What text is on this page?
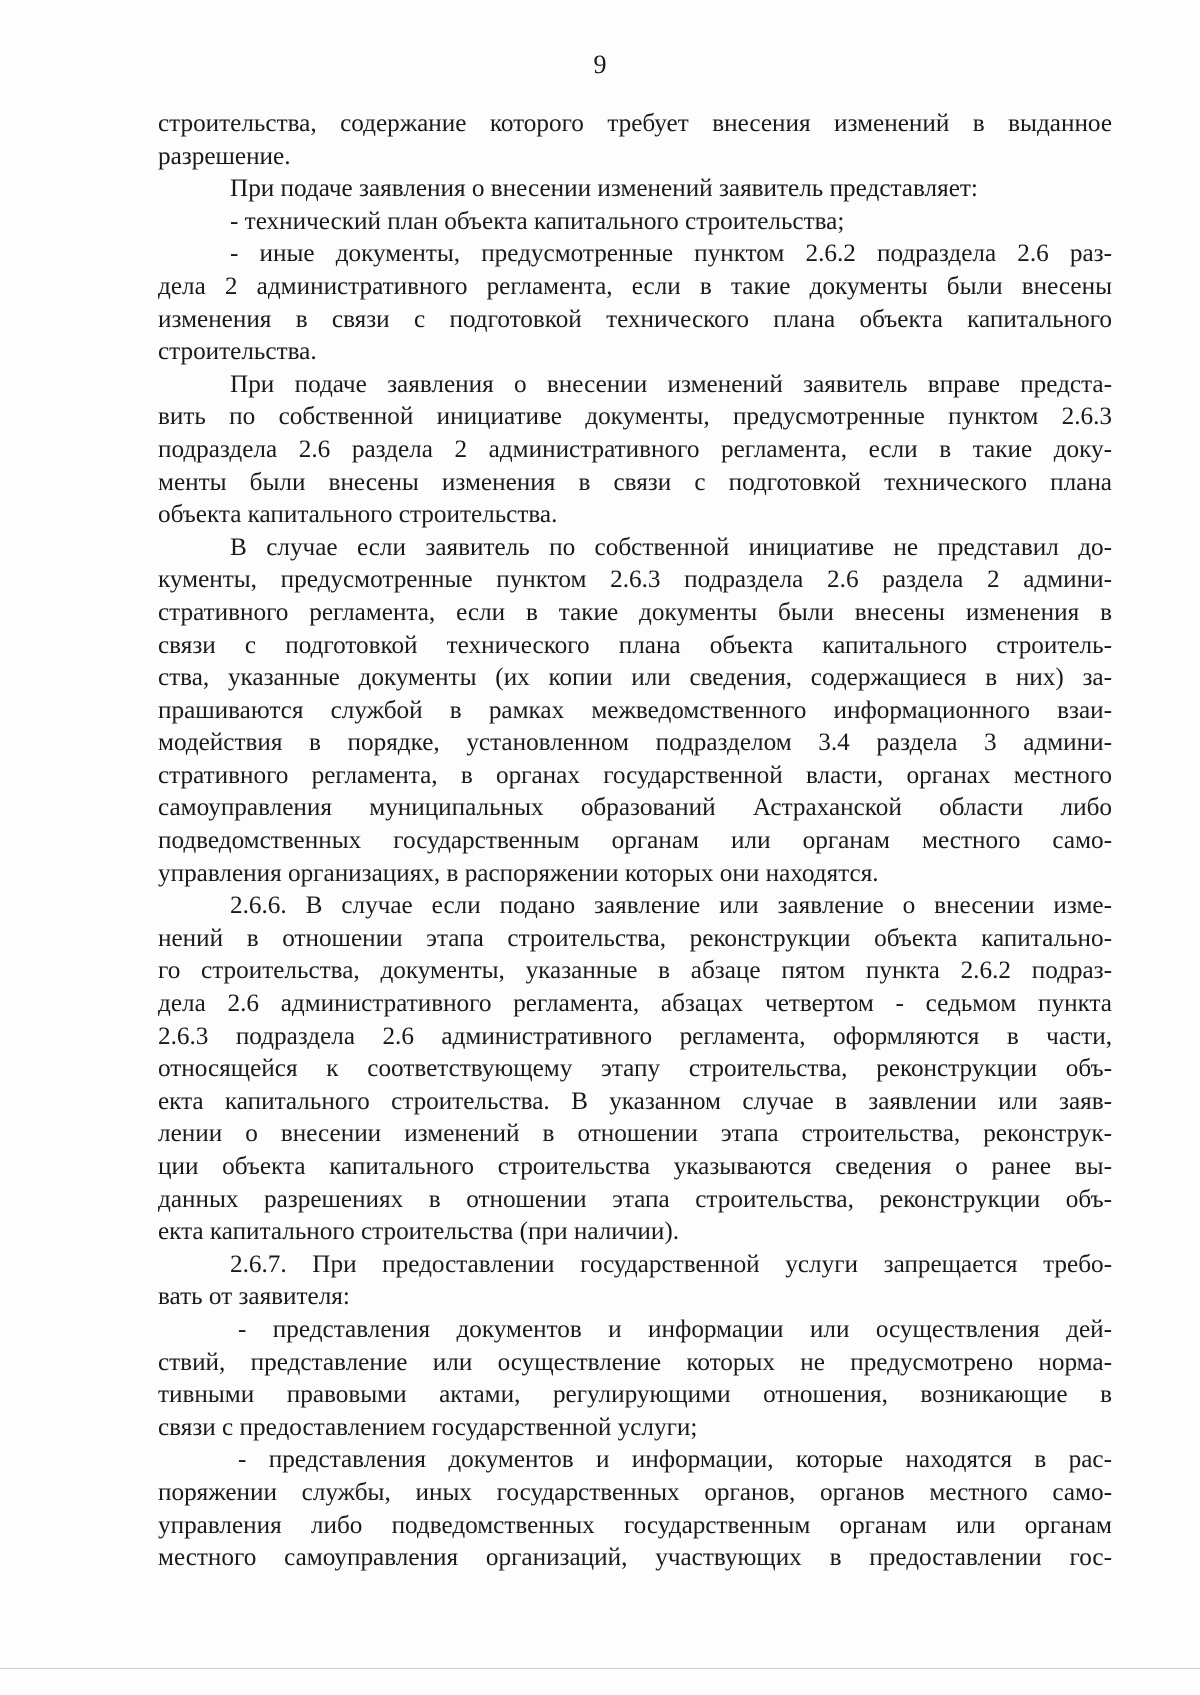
9
строительства, содержание которого требует внесения изменений в выданное
разрешение.
При подаче заявления о внесении изменений заявитель представляет:
- технический план объекта капитального строительства;
- иные документы, предусмотренные пунктом 2.6.2 подраздела 2.6 раз-
дела 2 административного регламента, если в такие документы были внесены
изменения в связи с подготовкой технического плана объекта капитального
строительства.
При подаче заявления о внесении изменений заявитель вправе предста-
вить по собственной инициативе документы, предусмотренные пунктом 2.6.3
подраздела 2.6 раздела 2 административного регламента, если в такие доку-
менты были внесены изменения в связи с подготовкой технического плана
объекта капитального строительства.
В случае если заявитель по собственной инициативе не представил до-
кументы, предусмотренные пунктом 2.6.3 подраздела 2.6 раздела 2 админи-
стративного регламента, если в такие документы были внесены изменения в
связи с подготовкой технического плана объекта капитального строитель-
ства, указанные документы (их копии или сведения, содержащиеся в них) за-
прашиваются службой в рамках межведомственного информационного взаи-
модействия в порядке, установленном подразделом 3.4 раздела 3 админи-
стративного регламента, в органах государственной власти, органах местного
самоуправления муниципальных образований Астраханской области либо
подведомственных государственным органам или органам местного само-
управления организациях, в распоряжении которых они находятся.
2.6.6. В случае если подано заявление или заявление о внесении изме-
нений в отношении этапа строительства, реконструкции объекта капитально-
го строительства, документы, указанные в абзаце пятом пункта 2.6.2 подраз-
дела 2.6 административного регламента, абзацах четвертом - седьмом пункта
2.6.3 подраздела 2.6 административного регламента, оформляются в части,
относящейся к соответствующему этапу строительства, реконструкции объ-
екта капитального строительства. В указанном случае в заявлении или заяв-
лении о внесении изменений в отношении этапа строительства, реконструк-
ции объекта капитального строительства указываются сведения о ранее вы-
данных разрешениях в отношении этапа строительства, реконструкции объ-
екта капитального строительства (при наличии).
2.6.7. При предоставлении государственной услуги запрещается требо-
вать от заявителя:
- представления документов и информации или осуществления дей-
ствий, представление или осуществление которых не предусмотрено норма-
тивными правовыми актами, регулирующими отношения, возникающие в
связи с предоставлением государственной услуги;
- представления документов и информации, которые находятся в рас-
поряжении службы, иных государственных органов, органов местного само-
управления либо подведомственных государственным органам или органам
местного самоуправления организаций, участвующих в предоставлении гос-
